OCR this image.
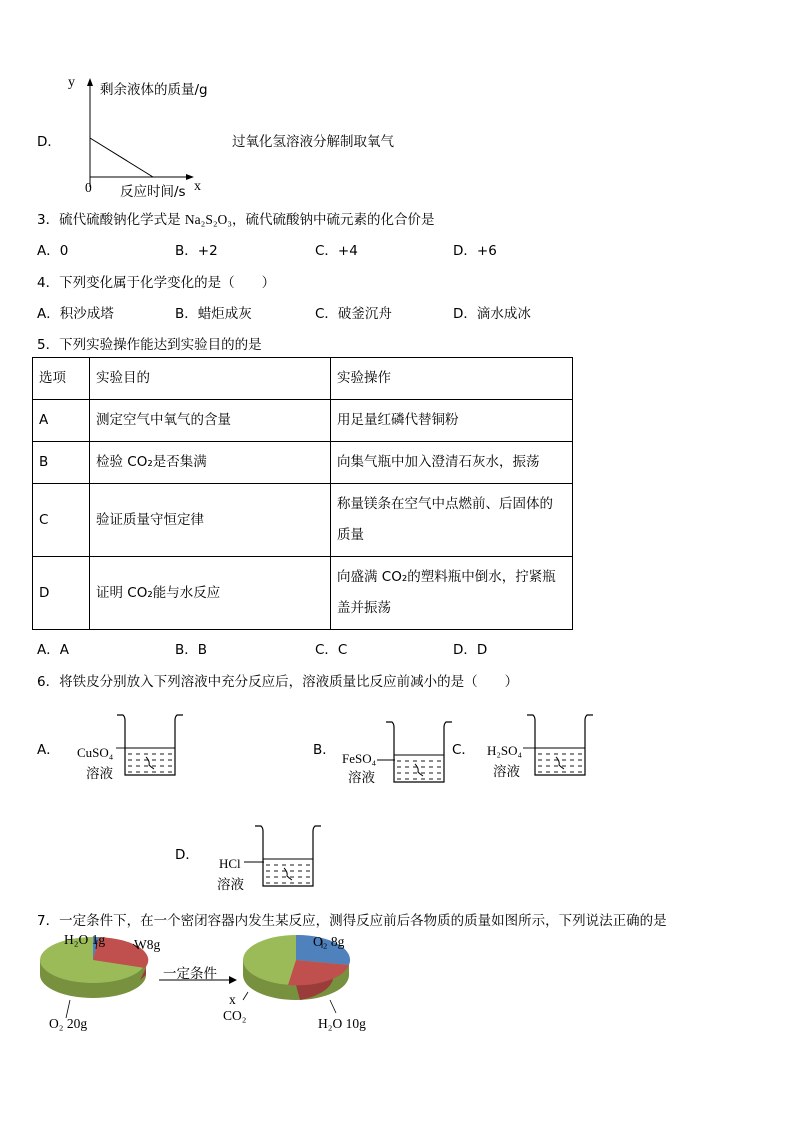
D．
y 剩余液体的质量/g
0 反应时间/s x
过氧化氢溶液分解制取氧气
3．硫代硫酸钠化学式是 Na₂S₂O₃，硫代硫酸钠中硫元素的化合价是
A．0	B．+2	C．+4	D．+6
4．下列变化属于化学变化的是（　　）
A．积沙成塔	B．蜡炬成灰	C．破釜沉舟	D．滴水成冰
5．下列实验操作能达到实验目的的是
选项	实验目的	实验操作
A	测定空气中氧气的含量	用足量红磷代替铜粉
B	检验 CO₂是否集满	向集气瓶中加入澄清石灰水，振荡
C	验证质量守恒定律	称量镁条在空气中点燃前、后固体的
质量

D	证明 CO₂能与水反应	向盛满 CO₂的塑料瓶中倒水，拧紧瓶
盖并振荡
A．A	B．B	C．C	D．D
6．将铁皮分别放入下列溶液中充分反应后，溶液质量比反应前减小的是（　　）
A． CuSO₄
溶液
B．
FeSO₄
溶液
C． H₂SO₄
溶液
D．
HCl
溶液
7．一定条件下，在一个密闭容器内发生某反应，测得反应前后各物质的质量如图所示，下列说法正确的是
H₂O 1g W8g
O₂ 20g
一定条件
O₂ 8g
x
CO₂
H₂O 10g
